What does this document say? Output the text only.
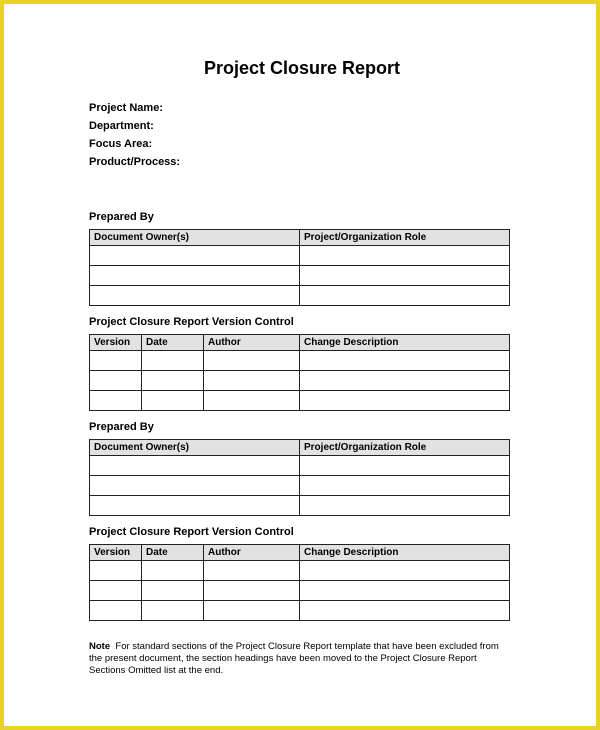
Project Closure Report
Project Name:
Department:
Focus Area:
Product/Process:
Prepared By
Document Owner(s)	Project/Organization Role

Project Closure Report Version Control
Version	Date	Author	Change Description

Prepared By
Document Owner(s)	Project/Organization Role

Project Closure Report Version Control
Version	Date	Author	Change Description

Note For standard sections of the Project Closure Report template that have been excluded from the present document, the section headings have been moved to the Project Closure Report Sections Omitted list at the end.
